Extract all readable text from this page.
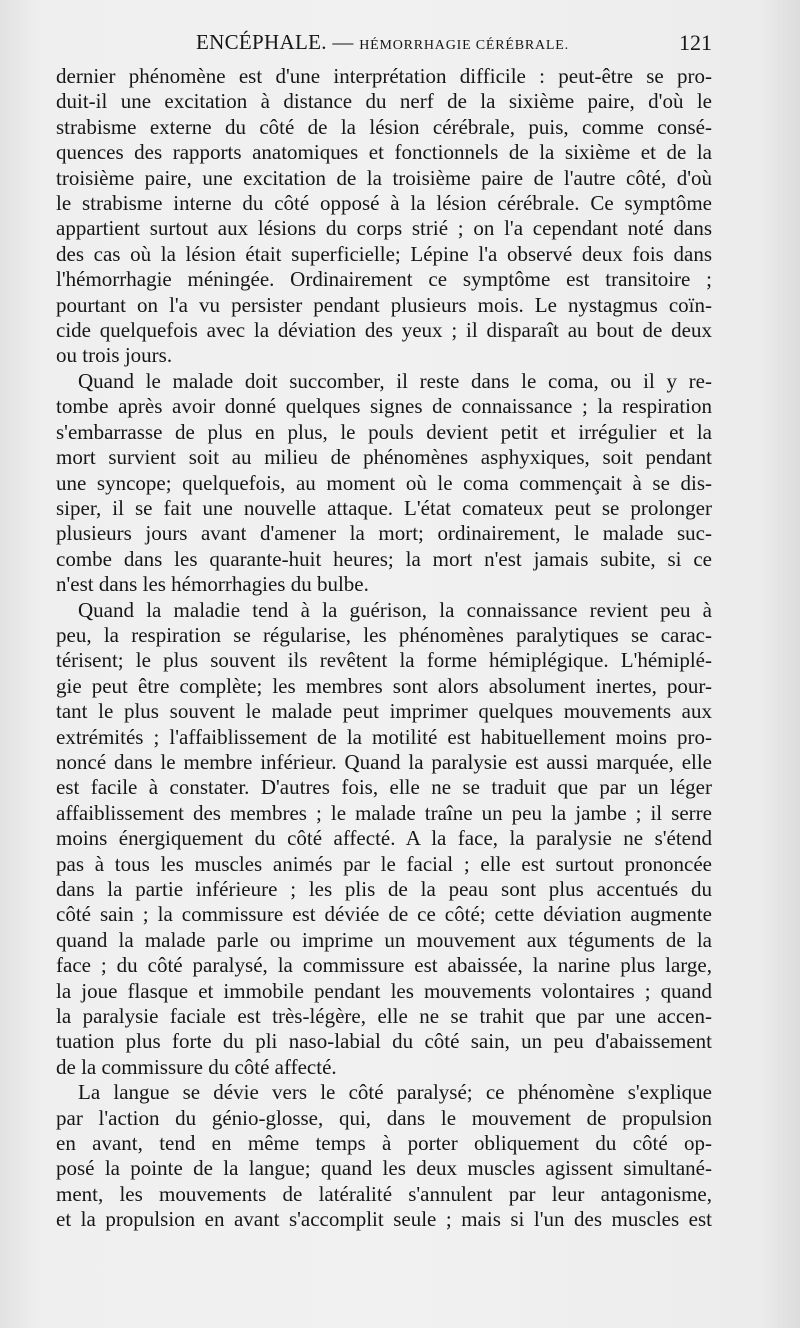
ENCÉPHALE. — HÉMORRHAGIE CÉRÉBRALE.	121

dernier phénomène est d'une interprétation difficile : peut-être se pro-

duit-il une excitation à distance du nerf de la sixième paire, d'où le

strabisme externe du côté de la lésion cérébrale, puis, comme consé-

quences des rapports anatomiques et fonctionnels de la sixième et de la

troisième paire, une excitation de la troisième paire de l'autre côté, d'où

le strabisme interne du côté opposé à la lésion cérébrale. Ce symptôme

appartient surtout aux lésions du corps strié ; on l'a cependant noté dans

des cas où la lésion était superficielle; Lépine l'a observé deux fois dans

l'hémorrhagie méningée. Ordinairement ce symptôme est transitoire ;

pourtant on l'a vu persister pendant plusieurs mois. Le nystagmus coïn-

cide quelquefois avec la déviation des yeux ; il disparaît au bout de deux

ou trois jours.

Quand le malade doit succomber, il reste dans le coma, ou il y re-

tombe après avoir donné quelques signes de connaissance ; la respiration

s'embarrasse de plus en plus, le pouls devient petit et irrégulier et la

mort survient soit au milieu de phénomènes asphyxiques, soit pendant

une syncope; quelquefois, au moment où le coma commençait à se dis-

siper, il se fait une nouvelle attaque. L'état comateux peut se prolonger

plusieurs jours avant d'amener la mort; ordinairement, le malade suc-

combe dans les quarante-huit heures; la mort n'est jamais subite, si ce

n'est dans les hémorrhagies du bulbe.

Quand la maladie tend à la guérison, la connaissance revient peu à

peu, la respiration se régularise, les phénomènes paralytiques se carac-

térisent; le plus souvent ils revêtent la forme hémiplégique. L'hémiplé-

gie peut être complète; les membres sont alors absolument inertes, pour-

tant le plus souvent le malade peut imprimer quelques mouvements aux

extrémités ; l'affaiblissement de la motilité est habituellement moins pro-

noncé dans le membre inférieur. Quand la paralysie est aussi marquée, elle

est facile à constater. D'autres fois, elle ne se traduit que par un léger

affaiblissement des membres ; le malade traîne un peu la jambe ; il serre

moins énergiquement du côté affecté. A la face, la paralysie ne s'étend

pas à tous les muscles animés par le facial ; elle est surtout prononcée

dans la partie inférieure ; les plis de la peau sont plus accentués du

côté sain ; la commissure est déviée de ce côté; cette déviation augmente

quand la malade parle ou imprime un mouvement aux téguments de la

face ; du côté paralysé, la commissure est abaissée, la narine plus large,

la joue flasque et immobile pendant les mouvements volontaires ; quand

la paralysie faciale est très-légère, elle ne se trahit que par une accen-

tuation plus forte du pli naso-labial du côté sain, un peu d'abaissement

de la commissure du côté affecté.

La langue se dévie vers le côté paralysé; ce phénomène s'explique

par l'action du génio-glosse, qui, dans le mouvement de propulsion

en avant, tend en même temps à porter obliquement du côté op-

posé la pointe de la langue; quand les deux muscles agissent simultané-

ment, les mouvements de latéralité s'annulent par leur antagonisme,

et la propulsion en avant s'accomplit seule ; mais si l'un des muscles est
